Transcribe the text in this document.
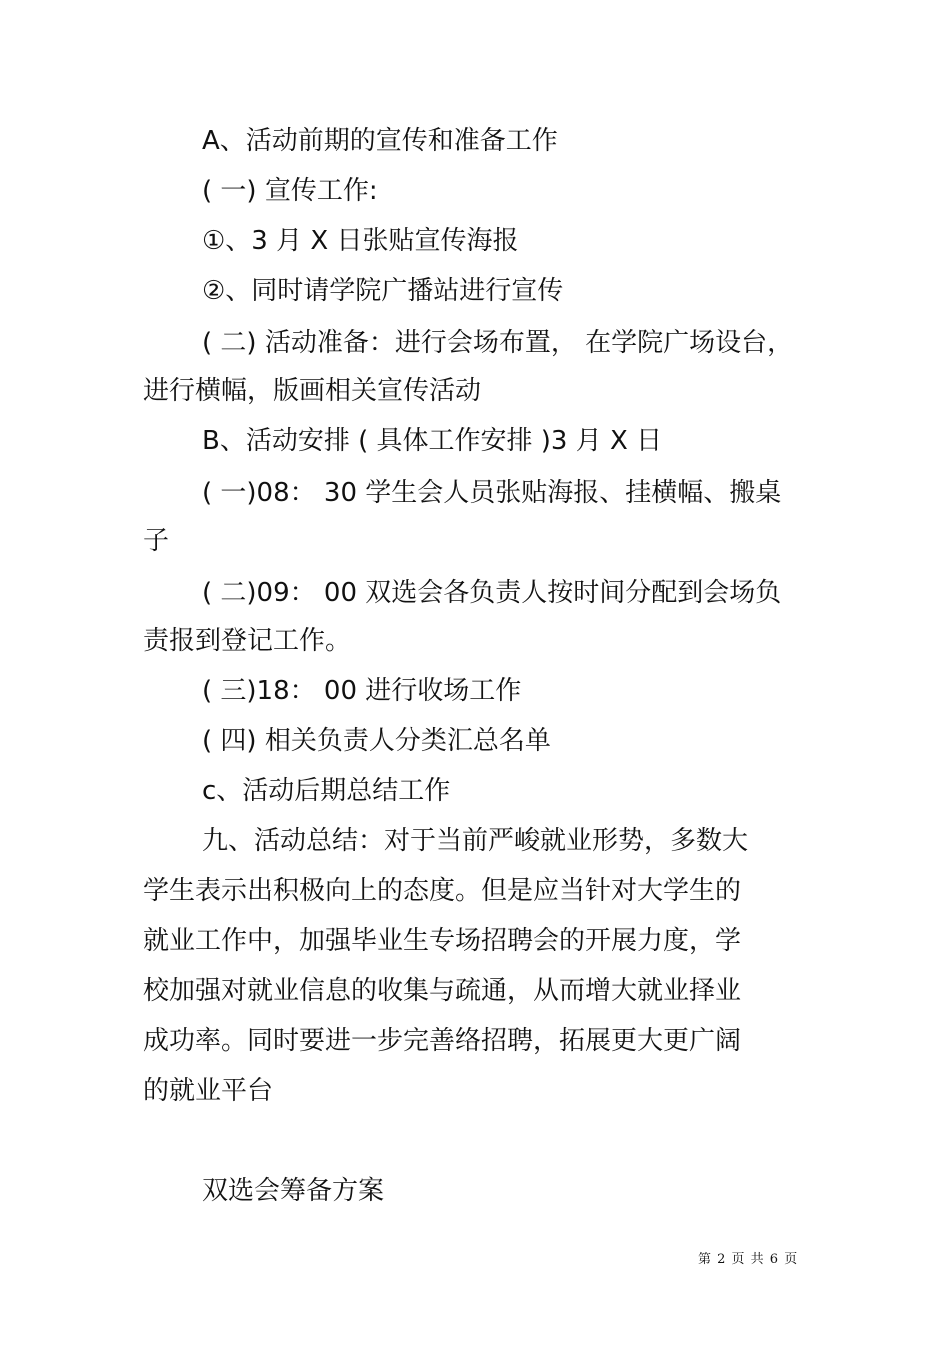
A、活动前期的宣传和准备工作
( 一) 宣传工作:
①、3 月 X 日张贴宣传海报
②、同时请学院广播站进行宣传
( 二) 活动准备：进行会场布置， 在学院广场设台，
进行横幅，版画相关宣传活动
B、活动安排 ( 具体工作安排 )3 月 X 日
( 一)08： 30 学生会人员张贴海报、挂横幅、搬桌
子
( 二)09： 00 双选会各负责人按时间分配到会场负
责报到登记工作。
( 三)18： 00 进行收场工作
( 四) 相关负责人分类汇总名单
c、活动后期总结工作
九、活动总结：对于当前严峻就业形势，多数大
学生表示出积极向上的态度。但是应当针对大学生的
就业工作中，加强毕业生专场招聘会的开展力度，学
校加强对就业信息的收集与疏通，从而增大就业择业
成功率。同时要进一步完善络招聘，拓展更大更广阔
的就业平台
双选会筹备方案
第 2 页 共 6 页
